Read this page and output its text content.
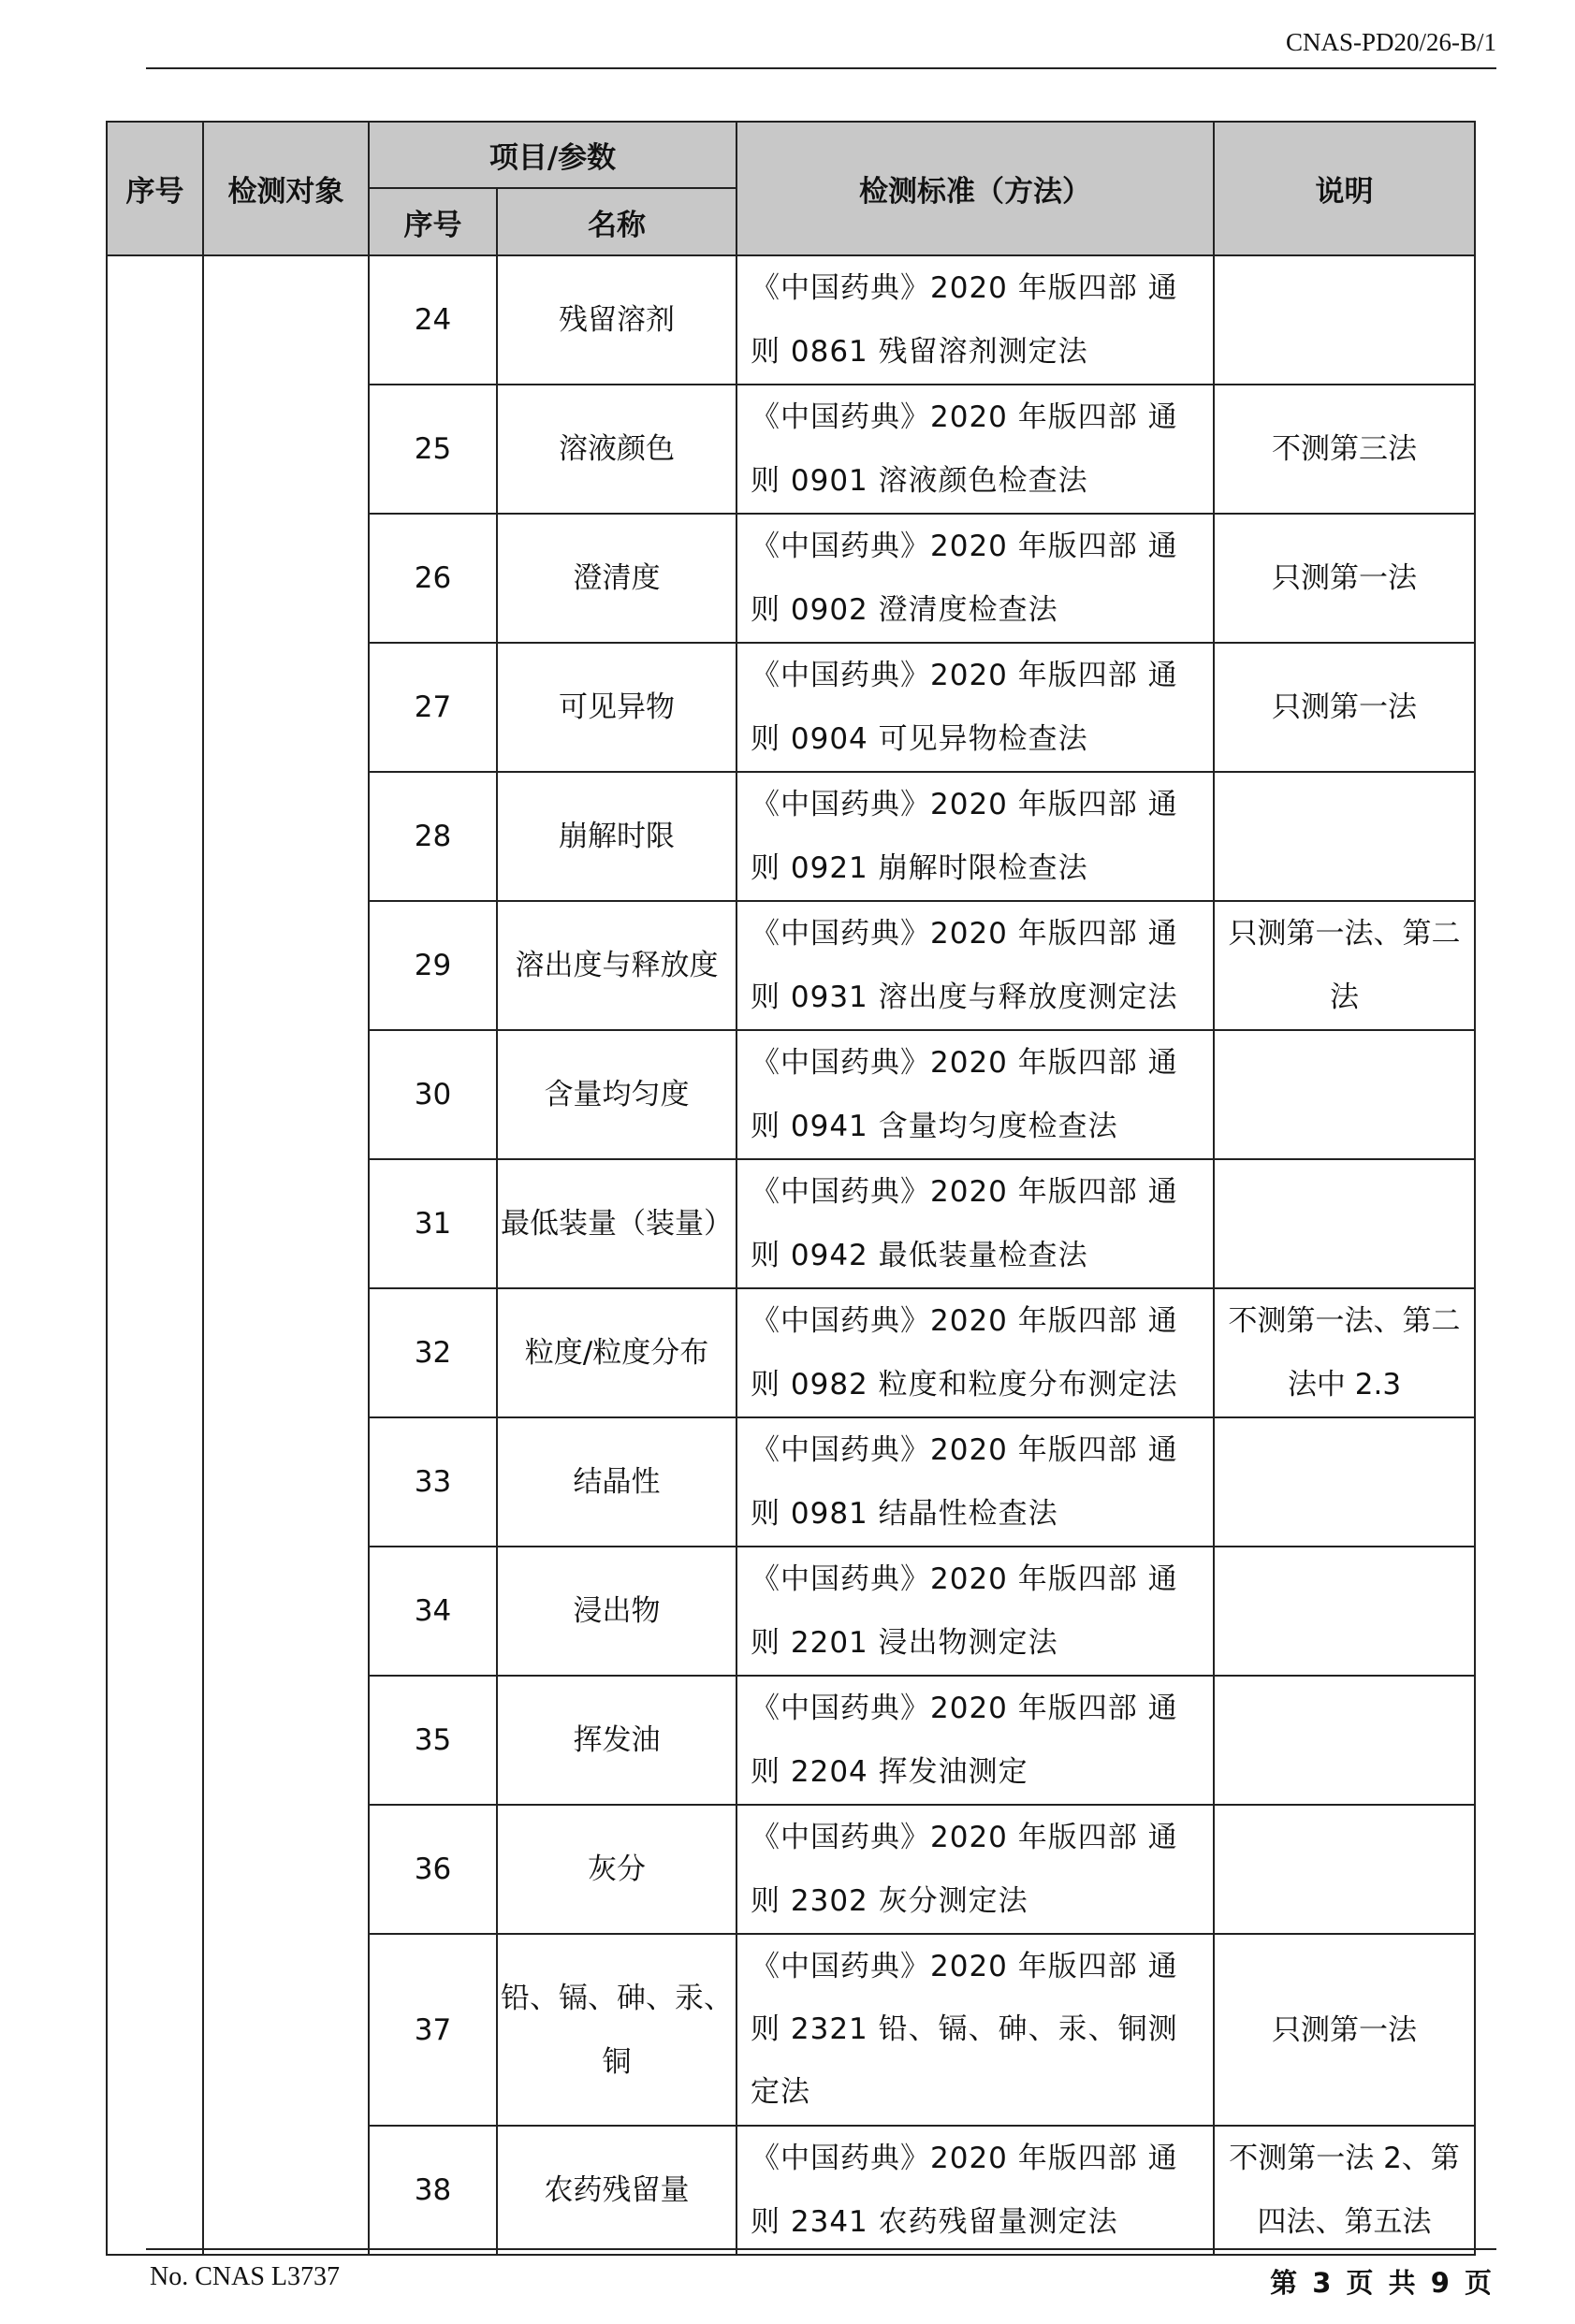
CNAS-PD20/26-B/1
序号	检测对象	项目/参数		检测标准（方法）	说明
		序号	名称		
		24	残留溶剂	《中国药典》2020 年版四部 通则 0861 残留溶剂测定法	
		25	溶液颜色	《中国药典》2020 年版四部 通则 0901 溶液颜色检查法	不测第三法
		26	澄清度	《中国药典》2020 年版四部 通则 0902 澄清度检查法	只测第一法
		27	可见异物	《中国药典》2020 年版四部 通则 0904 可见异物检查法	只测第一法
		28	崩解时限	《中国药典》2020 年版四部 通则 0921 崩解时限检查法	
		29	溶出度与释放度	《中国药典》2020 年版四部 通则 0931 溶出度与释放度测定法	只测第一法、第二法
		30	含量均匀度	《中国药典》2020 年版四部 通则 0941 含量均匀度检查法	
		31	最低装量（装量）	《中国药典》2020 年版四部 通则 0942 最低装量检查法	
		32	粒度/粒度分布	《中国药典》2020 年版四部 通则 0982 粒度和粒度分布测定法	不测第一法、第二法中 2.3
		33	结晶性	《中国药典》2020 年版四部 通则 0981 结晶性检查法	
		34	浸出物	《中国药典》2020 年版四部 通则 2201 浸出物测定法	
		35	挥发油	《中国药典》2020 年版四部 通则 2204 挥发油测定	
		36	灰分	《中国药典》2020 年版四部 通则 2302 灰分测定法	
		37	铅、镉、砷、汞、铜	《中国药典》2020 年版四部 通则 2321 铅、镉、砷、汞、铜测定法	只测第一法
		38	农药残留量	《中国药典》2020 年版四部 通则 2341 农药残留量测定法	不测第一法 2、第四法、第五法
No. CNAS L3737	第 3 页 共 9 页
